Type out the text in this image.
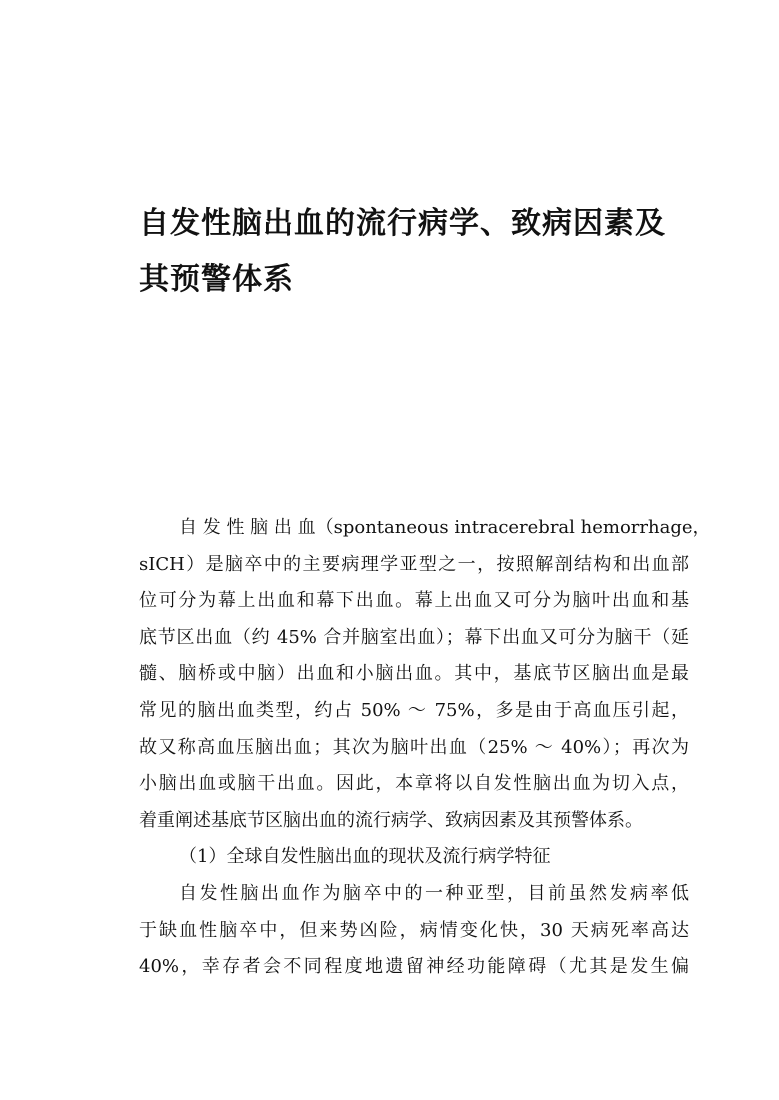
自发性脑出血的流行病学、致病因素及
其预警体系
自 发 性 脑 出 血（spontaneous intracerebral hemorrhage，
sICH）是脑卒中的主要病理学亚型之一，按照解剖结构和出血部
位可分为幕上出血和幕下出血。幕上出血又可分为脑叶出血和基
底节区出血（约 45% 合并脑室出血）；幕下出血又可分为脑干（延
髓、脑桥或中脑）出血和小脑出血。其中，基底节区脑出血是最
常见的脑出血类型，约占 50% ～ 75%，多是由于高血压引起，
故又称高血压脑出血；其次为脑叶出血（25% ～ 40%）；再次为
小脑出血或脑干出血。因此，本章将以自发性脑出血为切入点，
着重阐述基底节区脑出血的流行病学、致病因素及其预警体系。
（1）全球自发性脑出血的现状及流行病学特征
自发性脑出血作为脑卒中的一种亚型，目前虽然发病率低
于缺血性脑卒中，但来势凶险，病情变化快，30 天病死率高达
40%，幸存者会不同程度地遗留神经功能障碍（尤其是发生偏
